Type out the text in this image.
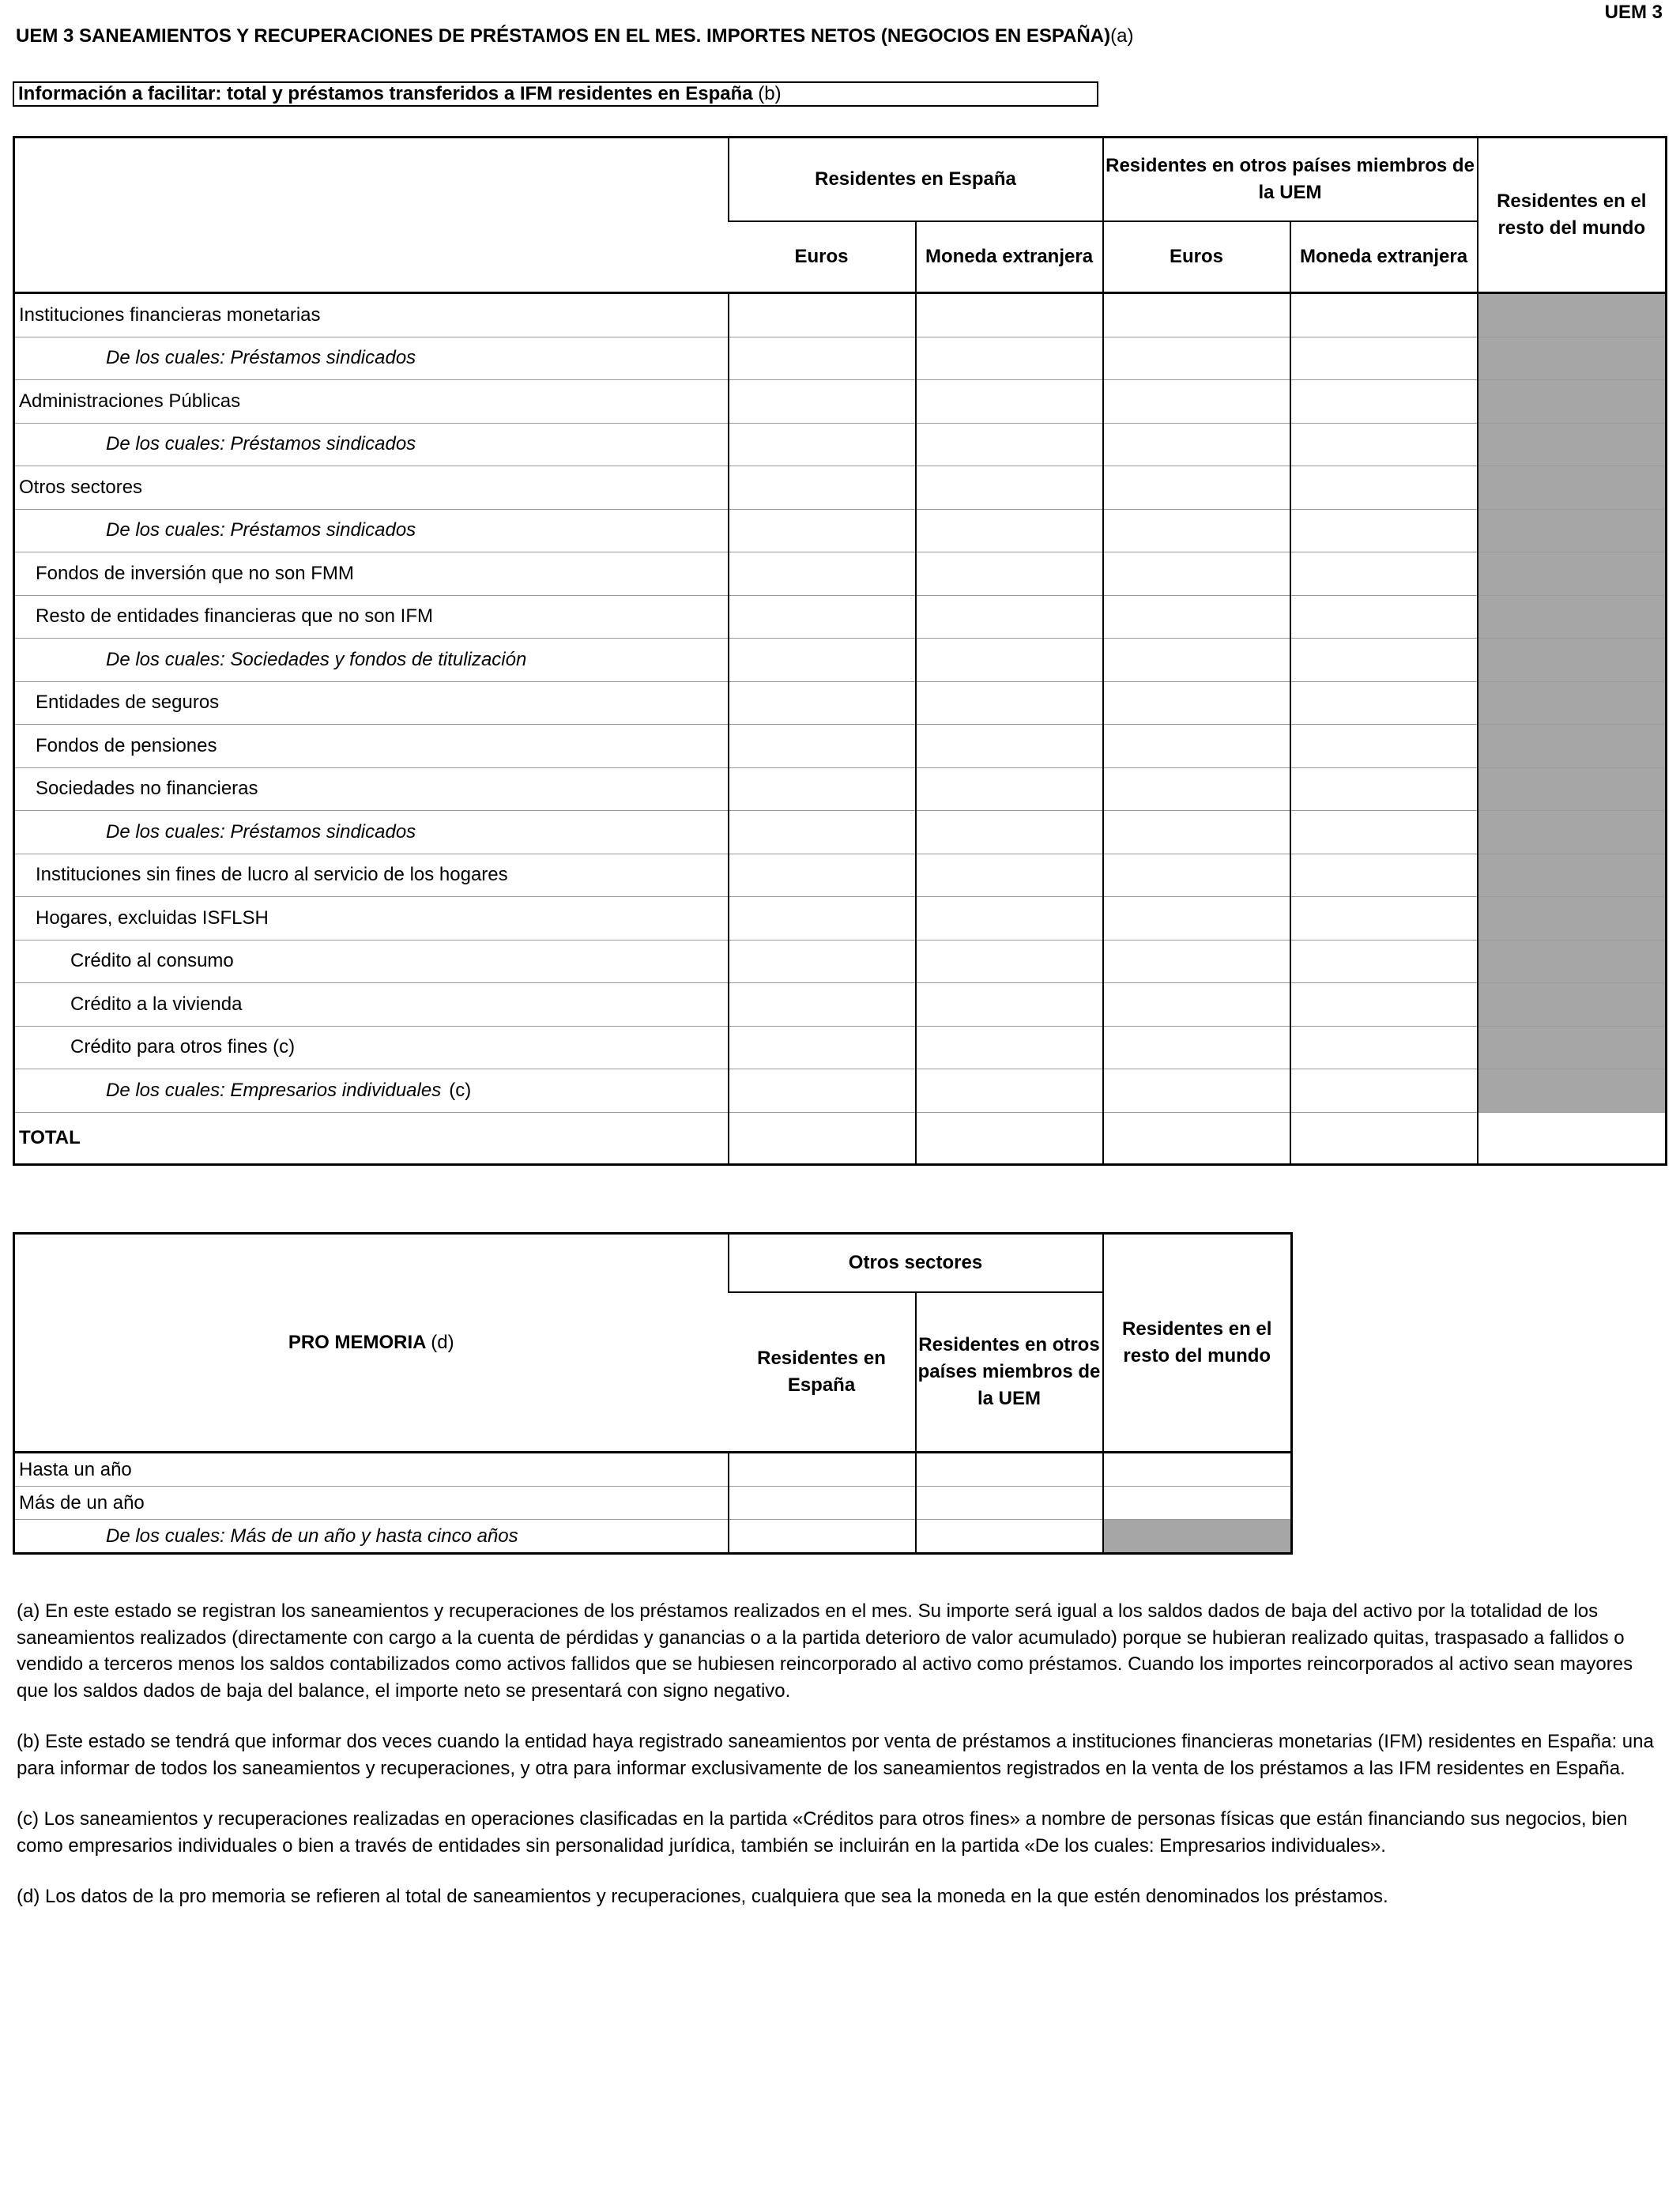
UEM 3
UEM 3 SANEAMIENTOS Y RECUPERACIONES DE PRÉSTAMOS EN EL MES. IMPORTES NETOS (NEGOCIOS EN ESPAÑA)(a)
Información a facilitar: total y préstamos transferidos a IFM residentes en España (b)
	Residentes en España		Residentes en otros países miembros de la UEM		Residentes en el resto del mundo
	Euros	Moneda extranjera	Euros	Moneda extranjera	
Instituciones financieras monetarias					
De los cuales: Préstamos sindicados					
Administraciones Públicas					
De los cuales: Préstamos sindicados					
Otros sectores					
De los cuales: Préstamos sindicados					
Fondos de inversión que no son FMM					
Resto de entidades financieras que no son IFM					
De los cuales: Sociedades y fondos de titulización					
Entidades de seguros					
Fondos de pensiones					
Sociedades no financieras					
De los cuales: Préstamos sindicados					
Instituciones sin fines de lucro al servicio de los hogares					
Hogares, excluidas ISFLSH					
Crédito al consumo					
Crédito a la vivienda					
Crédito para otros fines (c)					
De los cuales: Empresarios individuales (c)					
TOTAL					
PRO MEMORIA (d)	Otros sectores		Residentes en el resto del mundo
	Residentes en España	Residentes en otros países miembros de la UEM	
Hasta un año			
Más de un año			
De los cuales: Más de un año y hasta cinco años			

(a) En este estado se registran los saneamientos y recuperaciones de los préstamos realizados en el mes. Su importe será igual a los saldos dados de baja del activo por la totalidad de los saneamientos realizados (directamente con cargo a la cuenta de pérdidas y ganancias o a la partida deterioro de valor acumulado) porque se hubieran realizado quitas, traspasado a fallidos o vendido a terceros menos los saldos contabilizados como activos fallidos que se hubiesen reincorporado al activo como préstamos. Cuando los importes reincorporados al activo sean mayores que los saldos dados de baja del balance, el importe neto se presentará con signo negativo.

(b) Este estado se tendrá que informar dos veces cuando la entidad haya registrado saneamientos por venta de préstamos a instituciones financieras monetarias (IFM) residentes en España: una para informar de todos los saneamientos y recuperaciones, y otra para informar exclusivamente de los saneamientos registrados en la venta de los préstamos a las IFM residentes en España.

(c) Los saneamientos y recuperaciones realizadas en operaciones clasificadas en la partida «Créditos para otros fines» a nombre de personas físicas que están financiando sus negocios, bien como empresarios individuales o bien a través de entidades sin personalidad jurídica, también se incluirán en la partida «De los cuales: Empresarios individuales».

(d) Los datos de la pro memoria se refieren al total de saneamientos y recuperaciones, cualquiera que sea la moneda en la que estén denominados los préstamos.
